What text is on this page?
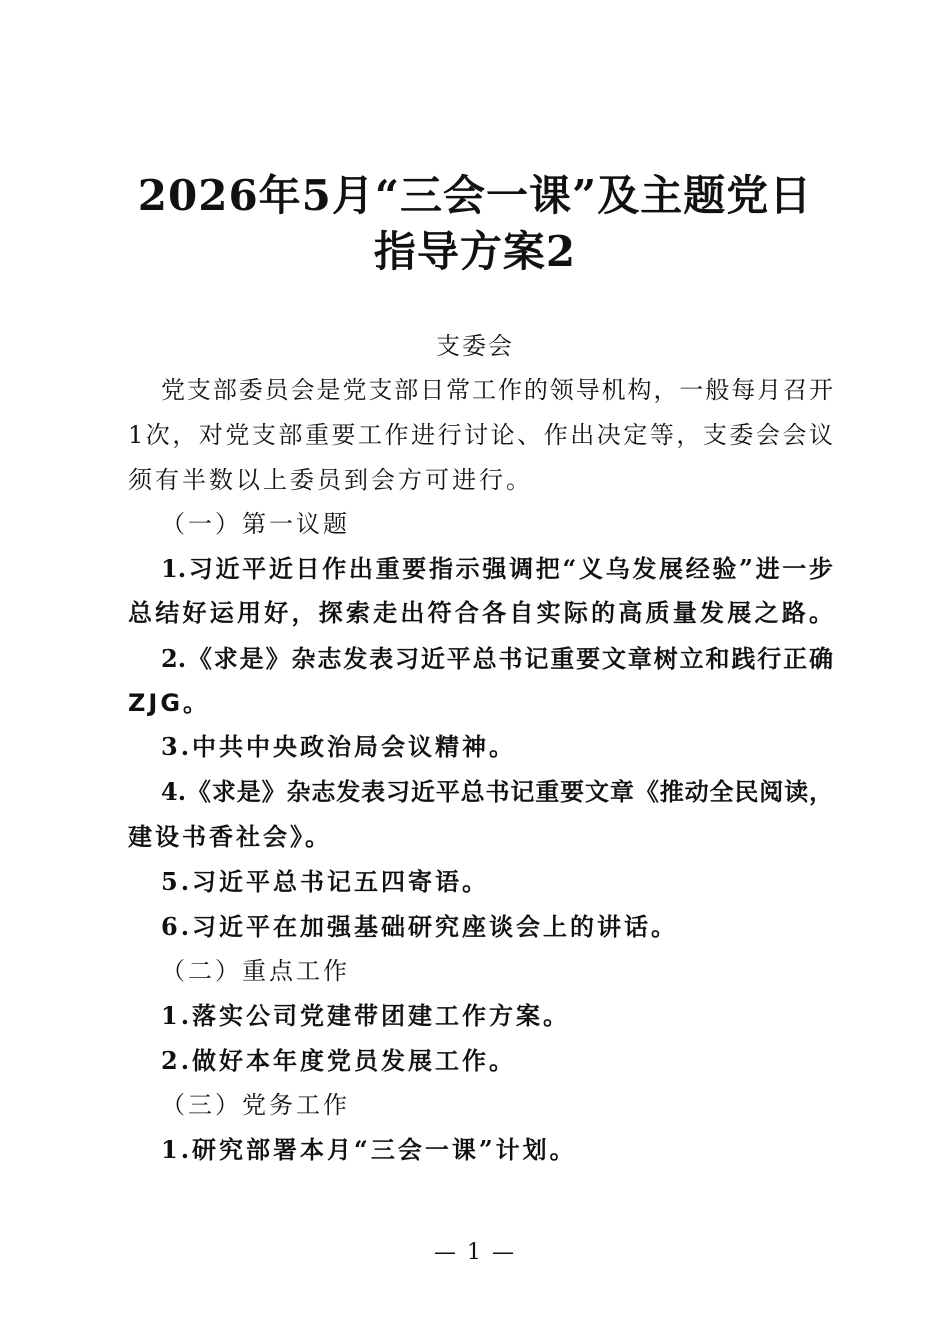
2026年5月“三会一课”及主题党日
指导方案2
支委会
党支部委员会是党支部日常工作的领导机构，一般每月召开
1次，对党支部重要工作进行讨论、作出决定等，支委会会议
须有半数以上委员到会方可进行。
（一）第一议题
1.习近平近日作出重要指示强调把“义乌发展经验”进一步
总结好运用好，探索走出符合各自实际的高质量发展之路。
2.《求是》杂志发表习近平总书记重要文章树立和践行正确
ZJG。
3.中共中央政治局会议精神。
4.《求是》杂志发表习近平总书记重要文章《推动全民阅读，
建设书香社会》。
5.习近平总书记五四寄语。
6.习近平在加强基础研究座谈会上的讲话。
（二）重点工作
1.落实公司党建带团建工作方案。
2.做好本年度党员发展工作。
（三）党务工作
1.研究部署本月“三会一课”计划。
— 1 —
